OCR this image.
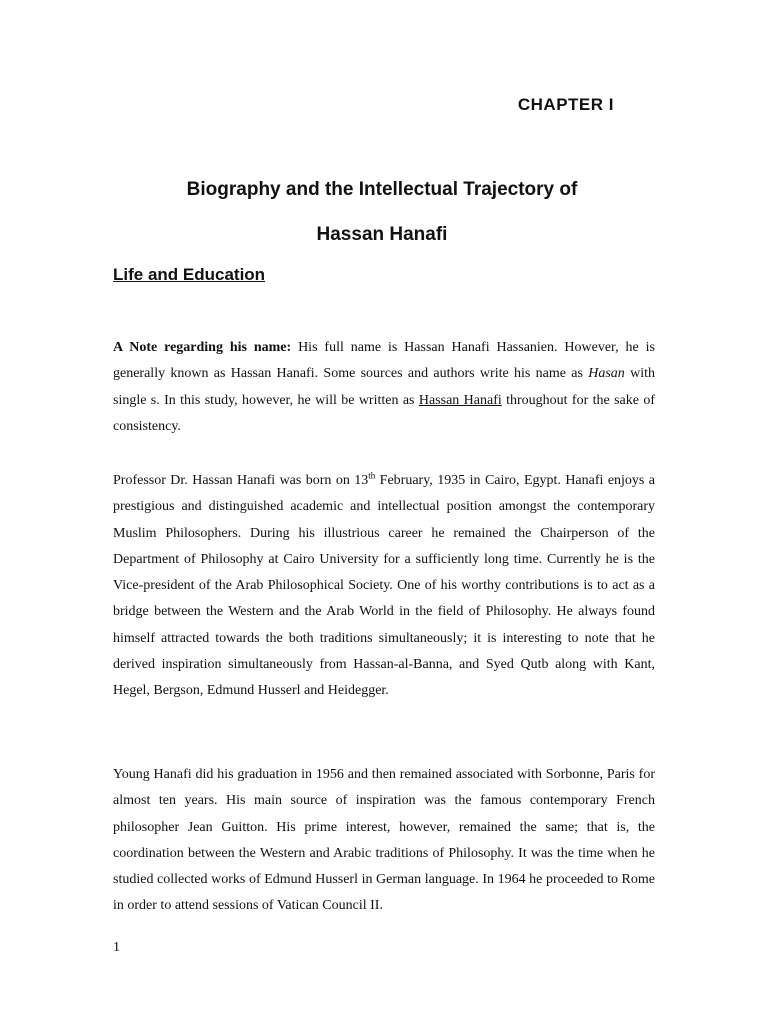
CHAPTER I
Biography and the Intellectual Trajectory of
Hassan Hanafi
Life and Education

A Note regarding his name: His full name is Hassan Hanafi Hassanien. However, he is generally known as Hassan Hanafi. Some sources and authors write his name as Hasan with single s. In this study, however, he will be written as Hassan Hanafi throughout for the sake of consistency.

Professor Dr. Hassan Hanafi was born on 13th February, 1935 in Cairo, Egypt. Hanafi enjoys a prestigious and distinguished academic and intellectual position amongst the contemporary Muslim Philosophers. During his illustrious career he remained the Chairperson of the Department of Philosophy at Cairo University for a sufficiently long time. Currently he is the Vice-president of the Arab Philosophical Society. One of his worthy contributions is to act as a bridge between the Western and the Arab World in the field of Philosophy. He always found himself attracted towards the both traditions simultaneously; it is interesting to note that he derived inspiration simultaneously from Hassan-al-Banna, and Syed Qutb along with Kant, Hegel, Bergson, Edmund Husserl and Heidegger.

Young Hanafi did his graduation in 1956 and then remained associated with Sorbonne, Paris for almost ten years. His main source of inspiration was the famous contemporary French philosopher Jean Guitton. His prime interest, however, remained the same; that is, the coordination between the Western and Arabic traditions of Philosophy. It was the time when he studied collected works of Edmund Husserl in German language. In 1964 he proceeded to Rome in order to attend sessions of Vatican Council II.

1
